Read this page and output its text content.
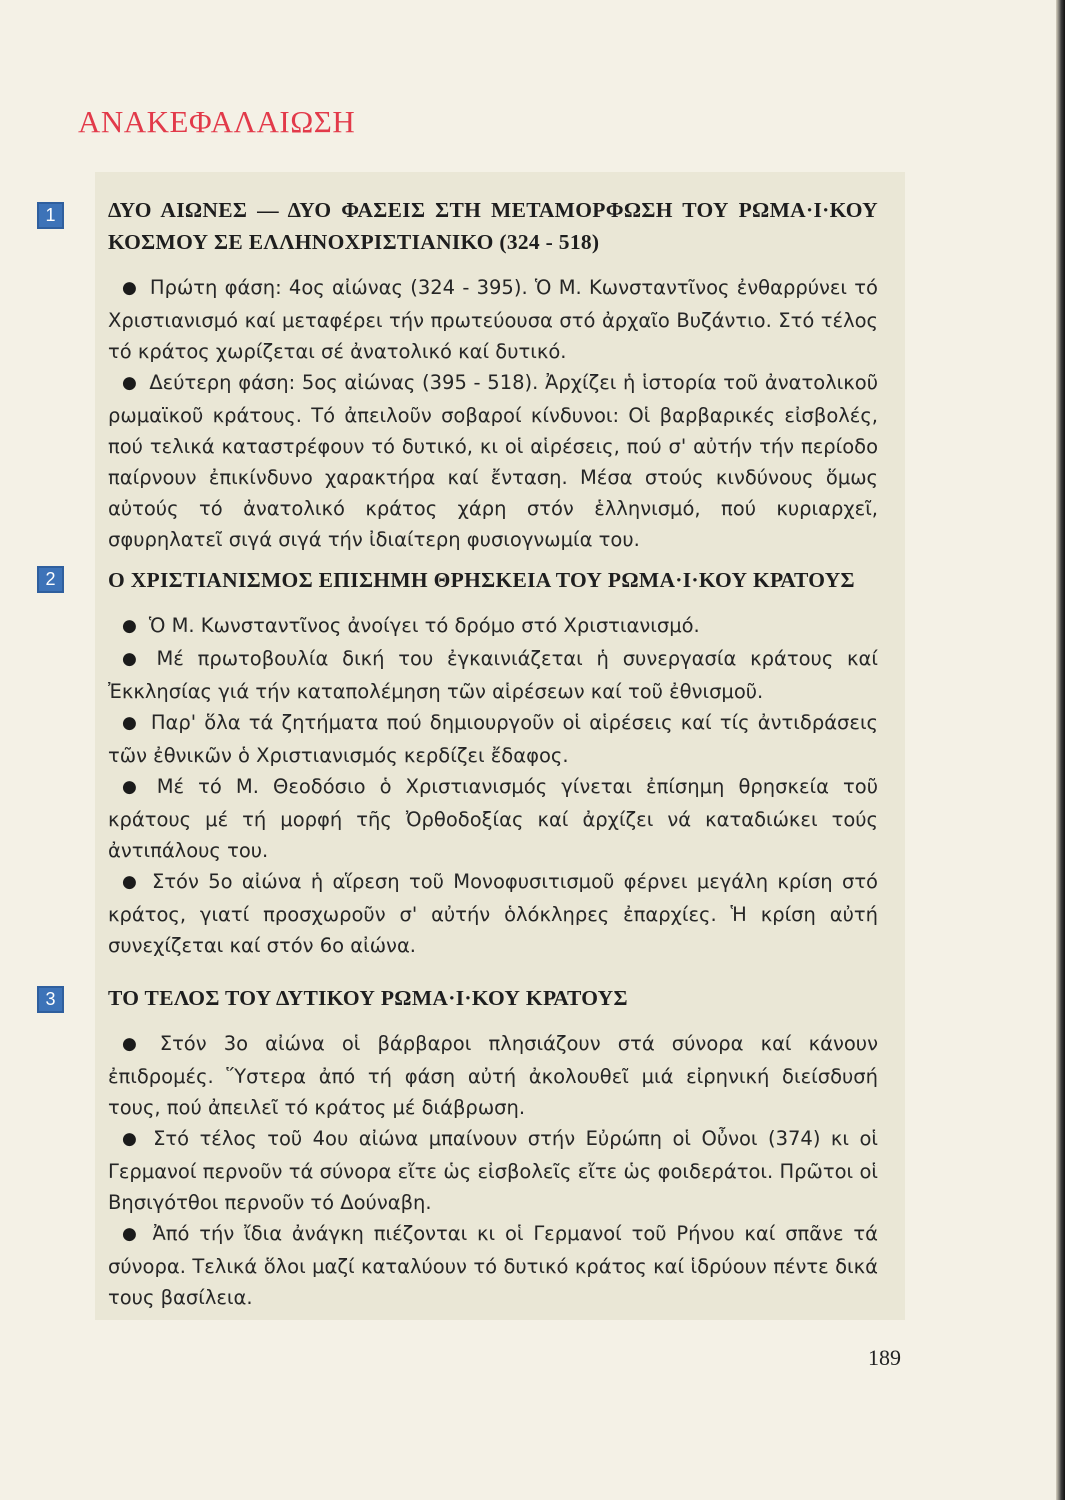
ΑΝΑΚΕΦΑΛΑΙΩΣΗ
1	ΔΥΟ ΑΙΩΝΕΣ — ΔΥΟ ΦΑΣΕΙΣ ΣΤΗ ΜΕΤΑΜΟΡΦΩΣΗ ΤΟΥ ΡΩΜΑ·Ι·ΚΟΥ ΚΟΣΜΟΥ ΣΕ ΕΛΛΗΝΟΧΡΙΣΤΙΑΝΙΚΟ (324 - 518)

● Πρώτη φάση: 4ος αἰώνας (324 - 395). Ὁ Μ. Κωνσταντῖνος ἐνθαρρύνει τό Χριστιανισμό καί μεταφέρει τήν πρωτεύουσα στό ἀρχαῖο Βυζάντιο. Στό τέλος τό κράτος χωρίζεται σέ ἀνατολικό καί δυτικό.

● Δεύτερη φάση: 5ος αἰώνας (395 - 518). Ἀρχίζει ἡ ἱστορία τοῦ ἀνατολικοῦ ρωμαϊκοῦ κράτους. Τό ἀπειλοῦν σοβαροί κίνδυνοι: Οἱ βαρβαρικές εἰσβολές, πού τελικά καταστρέφουν τό δυτικό, κι οἱ αἱρέσεις, πού σ' αὐτήν τήν περίοδο παίρνουν ἐπικίνδυνο χαρακτήρα καί ἔνταση. Μέσα στούς κινδύνους ὅμως αὐτούς τό ἀνατολικό κράτος χάρη στόν ἑλληνισμό, πού κυριαρχεῖ, σφυρηλατεῖ σιγά σιγά τήν ἰδιαίτερη φυσιογνωμία του.

2	Ο ΧΡΙΣΤΙΑΝΙΣΜΟΣ ΕΠΙΣΗΜΗ ΘΡΗΣΚΕΙΑ ΤΟΥ ΡΩΜΑ·Ι·ΚΟΥ ΚΡΑΤΟΥΣ

● Ὁ Μ. Κωνσταντῖνος ἀνοίγει τό δρόμο στό Χριστιανισμό.

● Μέ πρωτοβουλία δική του ἐγκαινιάζεται ἡ συνεργασία κράτους καί Ἐκκλησίας γιά τήν καταπολέμηση τῶν αἱρέσεων καί τοῦ ἐθνισμοῦ.

● Παρ' ὅλα τά ζητήματα πού δημιουργοῦν οἱ αἱρέσεις καί τίς ἀντιδράσεις τῶν ἐθνικῶν ὁ Χριστιανισμός κερδίζει ἔδαφος.

● Μέ τό Μ. Θεοδόσιο ὁ Χριστιανισμός γίνεται ἐπίσημη θρησκεία τοῦ κράτους μέ τή μορφή τῆς Ὀρθοδοξίας καί ἀρχίζει νά καταδιώκει τούς ἀντιπάλους του.

● Στόν 5ο αἰώνα ἡ αἵρεση τοῦ Μονοφυσιτισμοῦ φέρνει μεγάλη κρίση στό κράτος, γιατί προσχωροῦν σ' αὐτήν ὁλόκληρες ἐπαρχίες. Ἡ κρίση αὐτή συνεχίζεται καί στόν 6ο αἰώνα.

3	ΤΟ ΤΕΛΟΣ ΤΟΥ ΔΥΤΙΚΟΥ ΡΩΜΑ·Ι·ΚΟΥ ΚΡΑΤΟΥΣ

● Στόν 3ο αἰώνα οἱ βάρβαροι πλησιάζουν στά σύνορα καί κάνουν ἐπιδρομές. Ὕστερα ἀπό τή φάση αὐτή ἀκολουθεῖ μιά εἰρηνική διείσδυσή τους, πού ἀπειλεῖ τό κράτος μέ διάβρωση.

● Στό τέλος τοῦ 4ου αἰώνα μπαίνουν στήν Εὐρώπη οἱ Οὖνοι (374) κι οἱ Γερμανοί περνοῦν τά σύνορα εἴτε ὡς εἰσβολεῖς εἴτε ὡς φοιδεράτοι. Πρῶτοι οἱ Βησιγότθοι περνοῦν τό Δούναβη.

● Ἀπό τήν ἴδια ἀνάγκη πιέζονται κι οἱ Γερμανοί τοῦ Ρήνου καί σπᾶνε τά σύνορα. Τελικά ὅλοι μαζί καταλύουν τό δυτικό κράτος καί ἱδρύουν πέντε δικά τους βασίλεια.

189
